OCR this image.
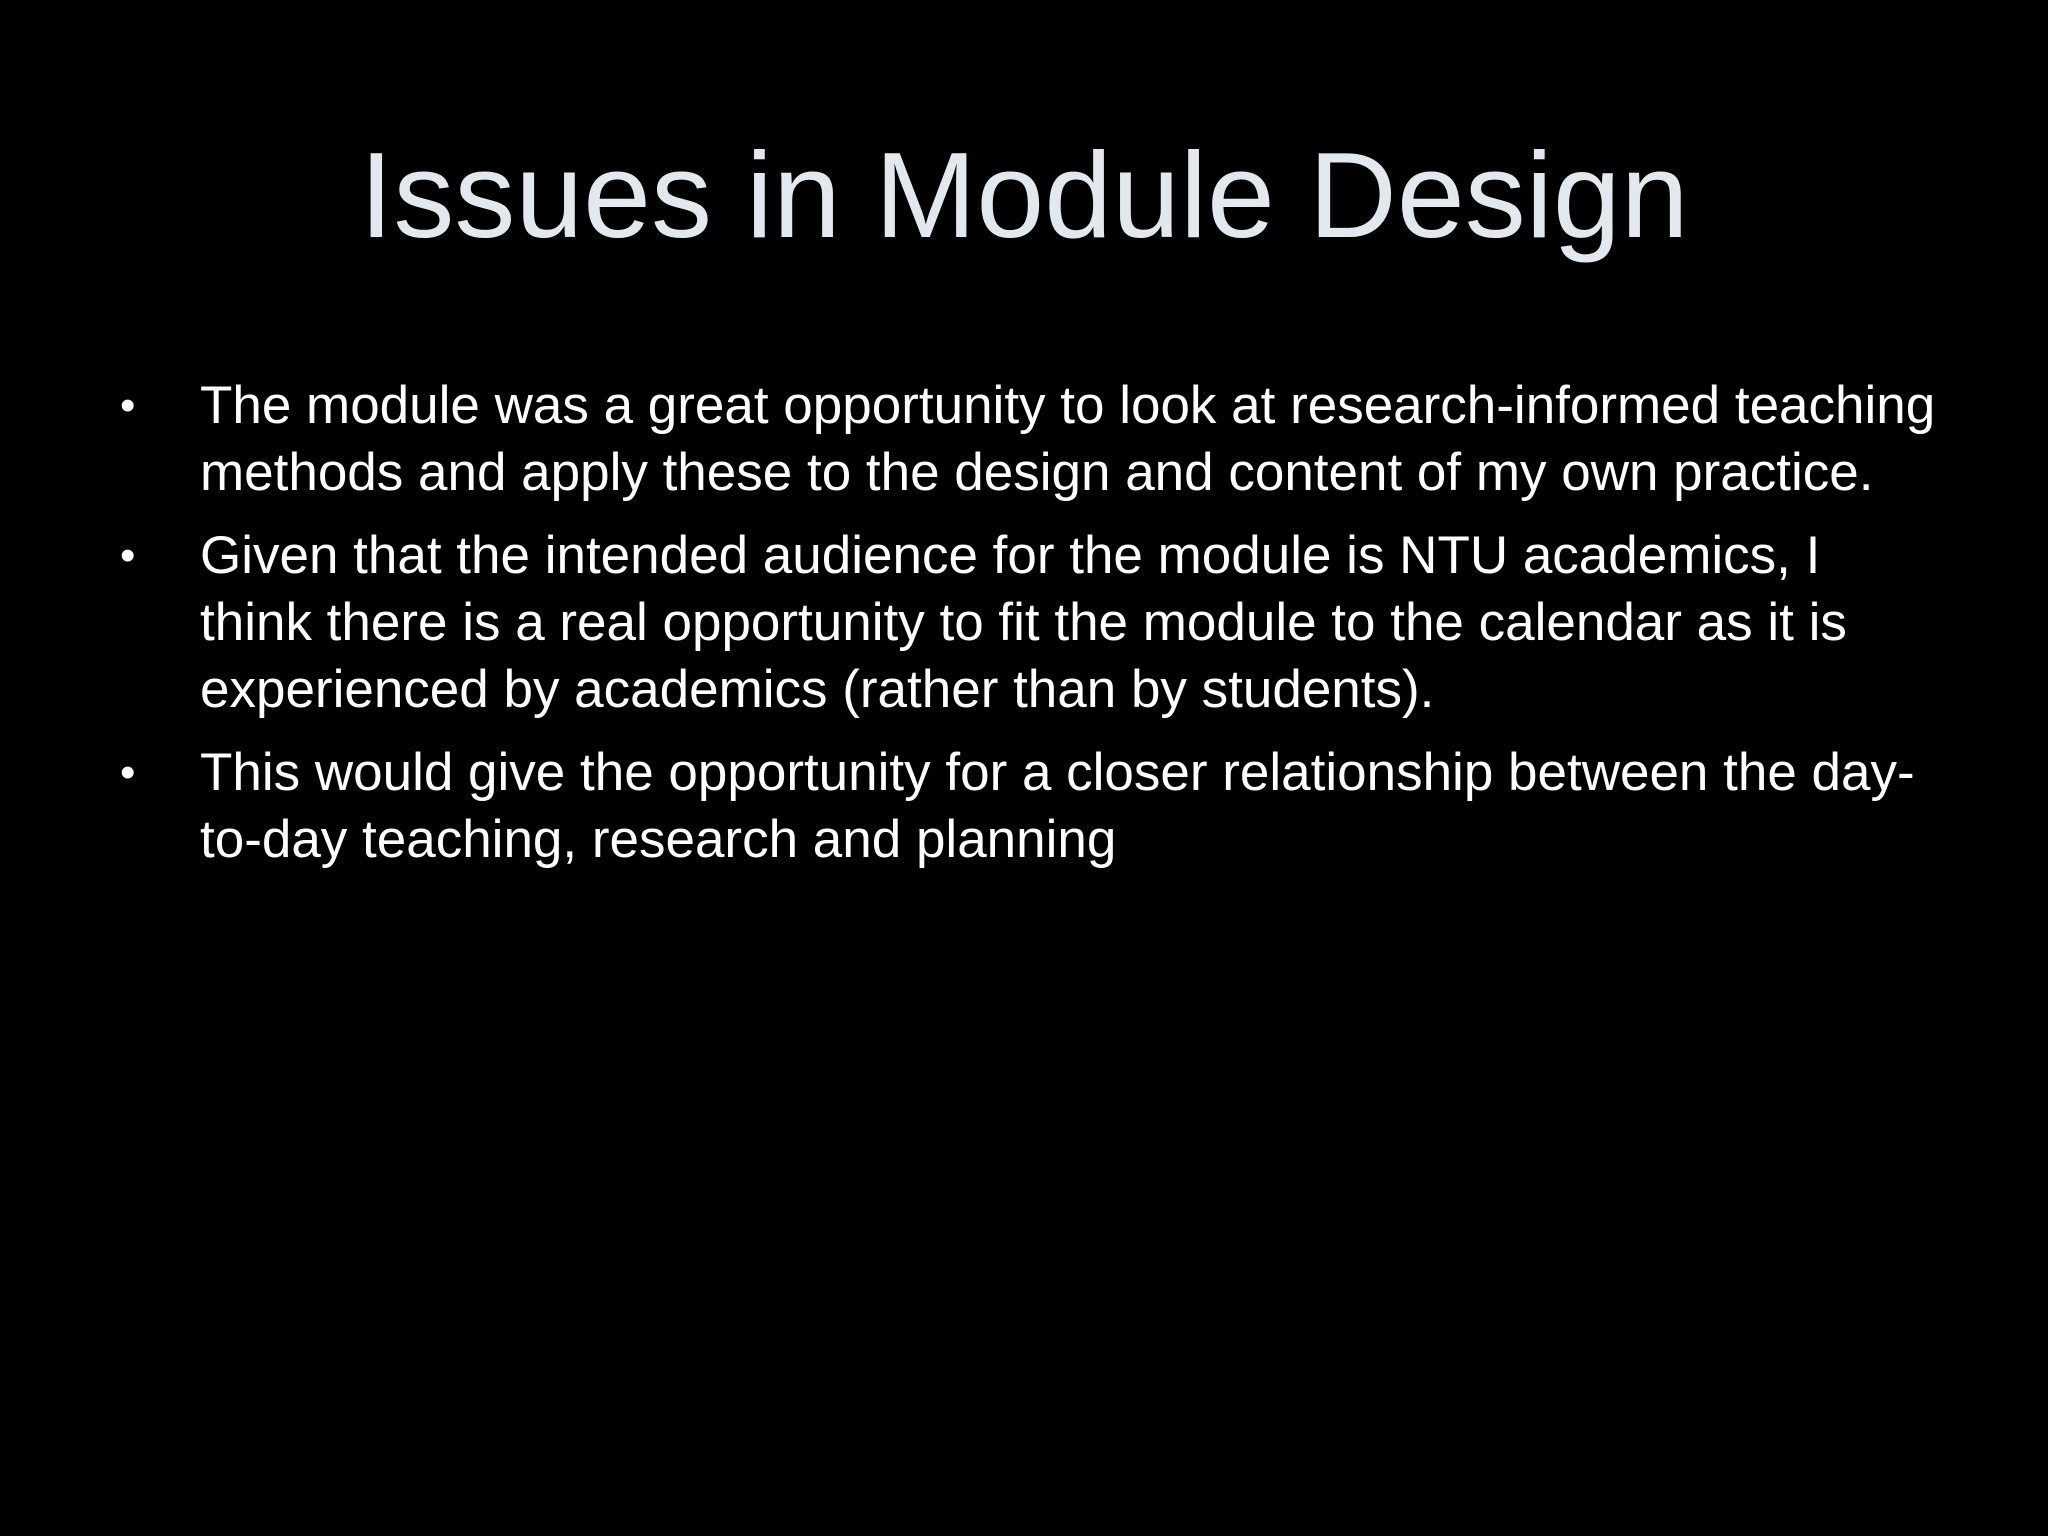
Issues in Module Design
• The module was a great opportunity to look at research-informed teaching methods and apply these to the design and content of my own practice.
• Given that the intended audience for the module is NTU academics, I think there is a real opportunity to fit the module to the calendar as it is experienced by academics (rather than by students).
• This would give the opportunity for a closer relationship between the day-to-day teaching, research and planning
